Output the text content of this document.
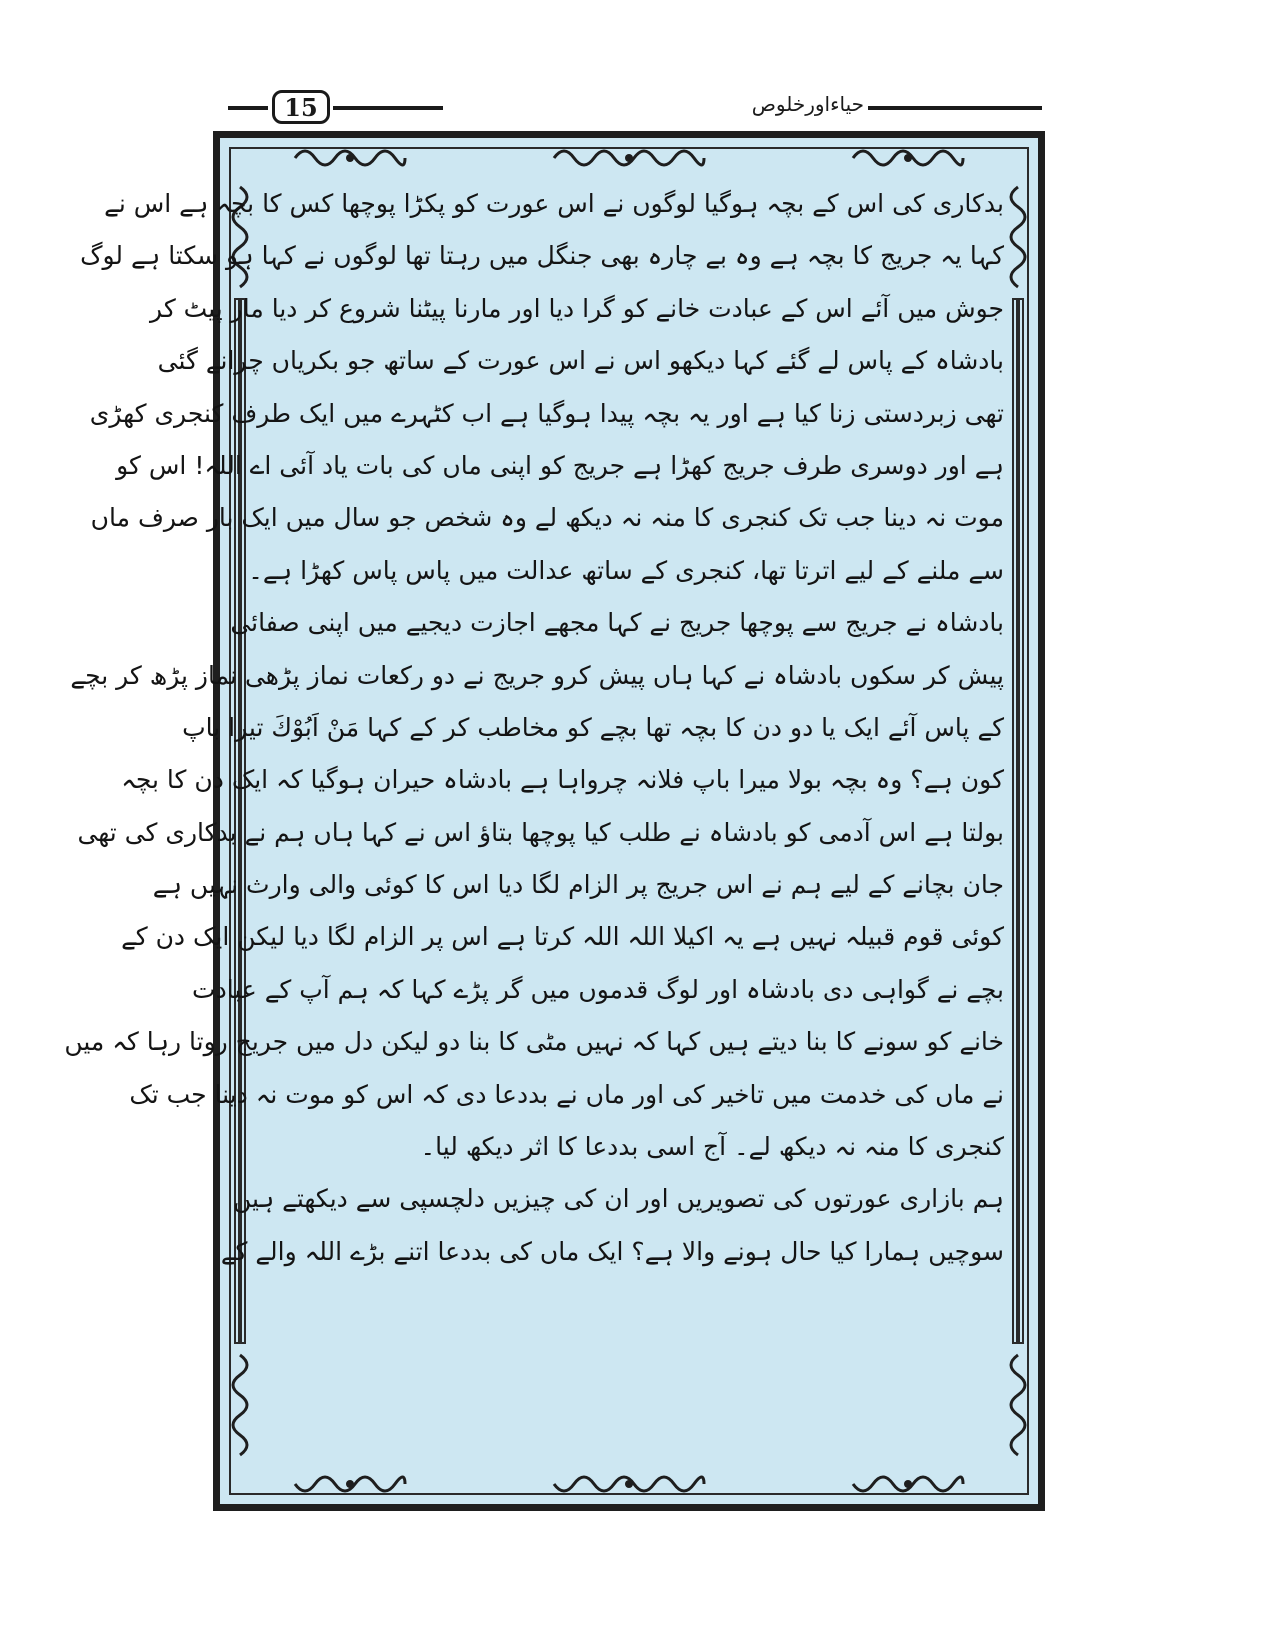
15	حیاءاورخلوص
بدکاری کی اس کے بچہ ہوگیا لوگوں نے اس عورت کو پکڑا پوچھا کس کا بچہ ہے اس نے
کہا یہ جریج کا بچہ ہے وہ بے چارہ بھی جنگل میں رہتا تھا لوگوں نے کہا ہو سکتا ہے لوگ
جوش میں آئے اس کے عبادت خانے کو گرا دیا اور مارنا پیٹنا شروع کر دیا مار پیٹ کر
بادشاہ کے پاس لے گئے کہا دیکھو اس نے اس عورت کے ساتھ جو بکریاں چرانے گئی
تھی زبردستی زنا کیا ہے اور یہ بچہ پیدا ہوگیا ہے اب کٹہرے میں ایک طرف کنجری کھڑی
ہے اور دوسری طرف جریج کھڑا ہے جریج کو اپنی ماں کی بات یاد آئی اے اللہ! اس کو
موت نہ دینا جب تک کنجری کا منہ نہ دیکھ لے وہ شخص جو سال میں ایک بار صرف ماں
سے ملنے کے لیے اترتا تھا، کنجری کے ساتھ عدالت میں پاس پاس کھڑا ہے۔
بادشاہ نے جریج سے پوچھا جریج نے کہا مجھے اجازت دیجیے میں اپنی صفائی
پیش کر سکوں بادشاہ نے کہا ہاں پیش کرو جریج نے دو رکعات نماز پڑھی نماز پڑھ کر بچے
کے پاس آئے ایک یا دو دن کا بچہ تھا بچے کو مخاطب کر کے کہا مَنْ اَبُوْكَ تیرا باپ
کون ہے؟ وہ بچہ بولا میرا باپ فلانہ چرواہا ہے بادشاہ حیران ہوگیا کہ ایک دن کا بچہ
بولتا ہے اس آدمی کو بادشاہ نے طلب کیا پوچھا بتاؤ اس نے کہا ہاں ہم نے بدکاری کی تھی
جان بچانے کے لیے ہم نے اس جریج پر الزام لگا دیا اس کا کوئی والی وارث نہیں ہے
کوئی قوم قبیلہ نہیں ہے یہ اکیلا اللہ اللہ کرتا ہے اس پر الزام لگا دیا لیکن ایک دن کے
بچے نے گواہی دی بادشاہ اور لوگ قدموں میں گر پڑے کہا کہ ہم آپ کے عبادت
خانے کو سونے کا بنا دیتے ہیں کہا کہ نہیں مٹی کا بنا دو لیکن دل میں جریج روتا رہا کہ میں
نے ماں کی خدمت میں تاخیر کی اور ماں نے بددعا دی کہ اس کو موت نہ دینا جب تک
کنجری کا منہ نہ دیکھ لے۔ آج اسی بددعا کا اثر دیکھ لیا۔
ہم بازاری عورتوں کی تصویریں اور ان کی چیزیں دلچسپی سے دیکھتے ہیں
سوچیں ہمارا کیا حال ہونے والا ہے؟ ایک ماں کی بددعا اتنے بڑے اللہ والے کے
